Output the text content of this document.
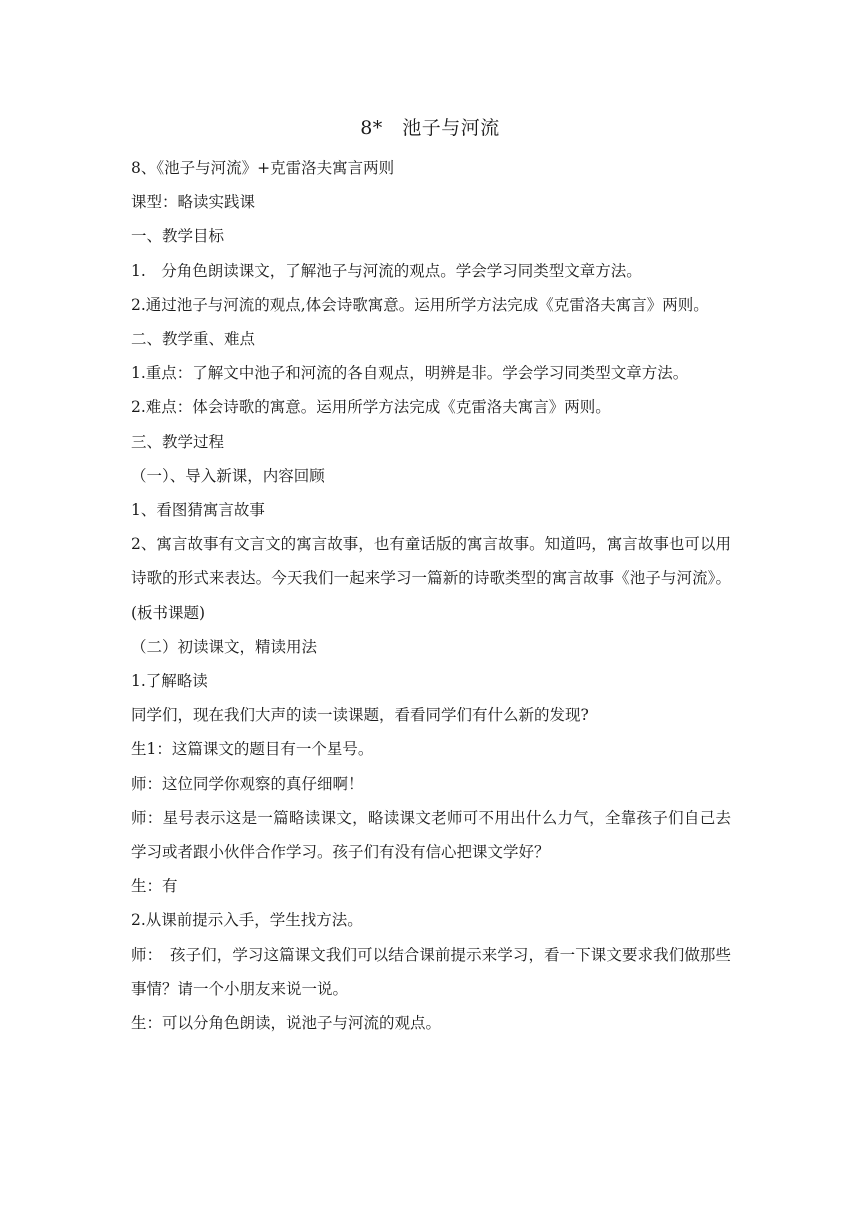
8*　池子与河流

8、《池子与河流》+克雷洛夫寓言两则

课型：略读实践课

一、教学目标

1.　分角色朗读课文，了解池子与河流的观点。学会学习同类型文章方法。

2.通过池子与河流的观点,体会诗歌寓意。运用所学方法完成《克雷洛夫寓言》两则。

二、教学重、难点

1.重点：了解文中池子和河流的各自观点，明辨是非。学会学习同类型文章方法。

2.难点：体会诗歌的寓意。运用所学方法完成《克雷洛夫寓言》两则。

三、教学过程

（一）、导入新课，内容回顾

1、看图猜寓言故事

2、寓言故事有文言文的寓言故事，也有童话版的寓言故事。知道吗，寓言故事也可以用诗歌的形式来表达。今天我们一起来学习一篇新的诗歌类型的寓言故事《池子与河流》。(板书课题)

（二）初读课文，精读用法

1.了解略读

同学们，现在我们大声的读一读课题，看看同学们有什么新的发现?

生1：这篇课文的题目有一个星号。

师：这位同学你观察的真仔细啊！

师：星号表示这是一篇略读课文，略读课文老师可不用出什么力气，全靠孩子们自己去学习或者跟小伙伴合作学习。孩子们有没有信心把课文学好？

生：有

2.从课前提示入手，学生找方法。

师：　孩子们，学习这篇课文我们可以结合课前提示来学习，看一下课文要求我们做那些事情？请一个小朋友来说一说。

生：可以分角色朗读，说池子与河流的观点。
